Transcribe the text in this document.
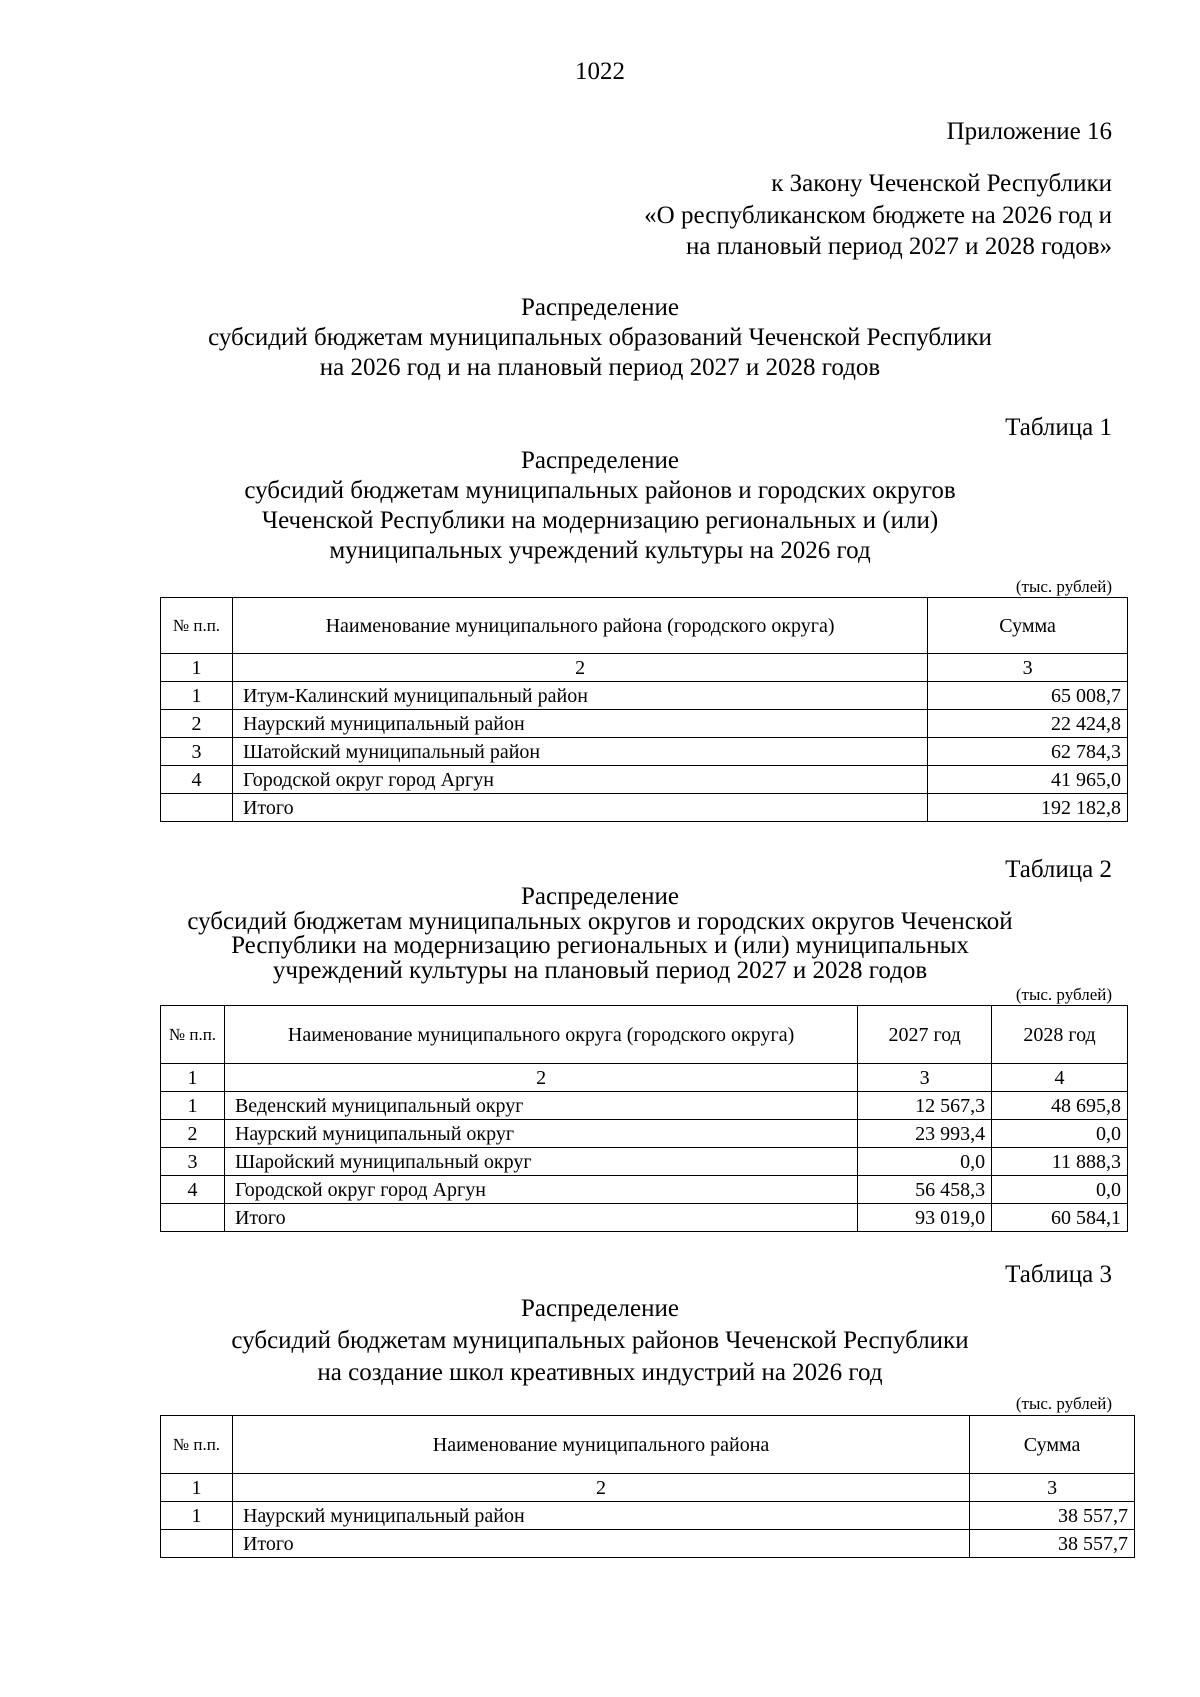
1022
Приложение 16
к Закону Чеченской Республики
«О республиканском бюджете на 2026 год и
на плановый период 2027 и 2028 годов»
Распределение
субсидий бюджетам муниципальных образований Чеченской Республики
на 2026 год и на плановый период 2027 и 2028 годов
Таблица 1
Распределение
субсидий бюджетам муниципальных районов и городских округов
Чеченской Республики на модернизацию региональных и (или)
муниципальных учреждений культуры на 2026 год
(тыс. рублей)
№ п.п.	Наименование муниципального района (городского округа)	Сумма
1	2	3
1	Итум-Калинский муниципальный район	65 008,7
2	Наурский муниципальный район	22 424,8
3	Шатойский муниципальный район	62 784,3
4	Городской округ город Аргун	41 965,0
	Итого	192 182,8
Таблица 2
Распределение
субсидий бюджетам муниципальных округов и городских округов Чеченской
Республики на модернизацию региональных и (или) муниципальных
учреждений культуры на плановый период 2027 и 2028 годов
(тыс. рублей)
№ п.п.	Наименование муниципального округа (городского округа)	2027 год	2028 год
1	2	3	4
1	Веденский муниципальный округ	12 567,3	48 695,8
2	Наурский муниципальный округ	23 993,4	0,0
3	Шаройский муниципальный округ	0,0	11 888,3
4	Городской округ город Аргун	56 458,3	0,0
	Итого	93 019,0	60 584,1
Таблица 3
Распределение
субсидий бюджетам муниципальных районов Чеченской Республики
на создание школ креативных индустрий на 2026 год
(тыс. рублей)
№ п.п.	Наименование муниципального района	Сумма
1	2	3
1	Наурский муниципальный район	38 557,7
	Итого	38 557,7
